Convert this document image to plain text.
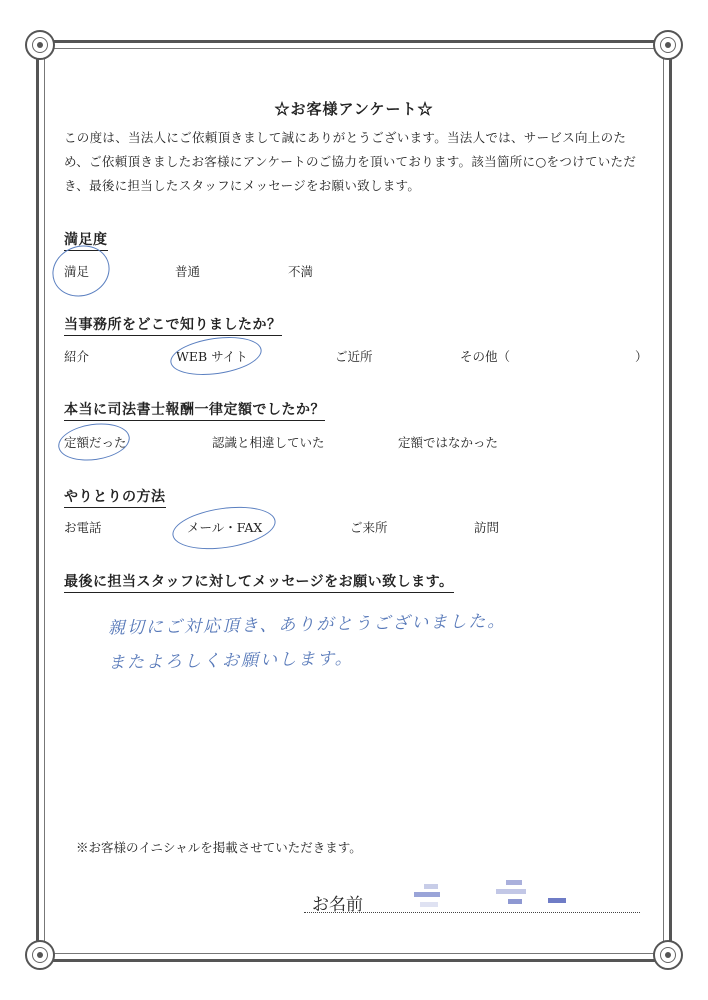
☆お客様アンケート☆
この度は、当法人にご依頼頂きまして誠にありがとうございます。当法人では、サービス向上のため、ご依頼頂きましたお客様にアンケートのご協力を頂いております。該当箇所に○をつけていただき、最後に担当したスタッフにメッセージをお願い致します。
満足度
満足	普通	不満
当事務所をどこで知りましたか？
紹介	WEB サイト	ご近所	その他（	）
本当に司法書士報酬一律定額でしたか？
定額だった	認識と相違していた	定額ではなかった
やりとりの方法
お電話	メール・FAX	ご来所	訪問
最後に担当スタッフに対してメッセージをお願い致します。
親切にご対応頂き、ありがとうございました。
またよろしくお願いします。
※お客様のイニシャルを掲載させていただきます。
お名前
